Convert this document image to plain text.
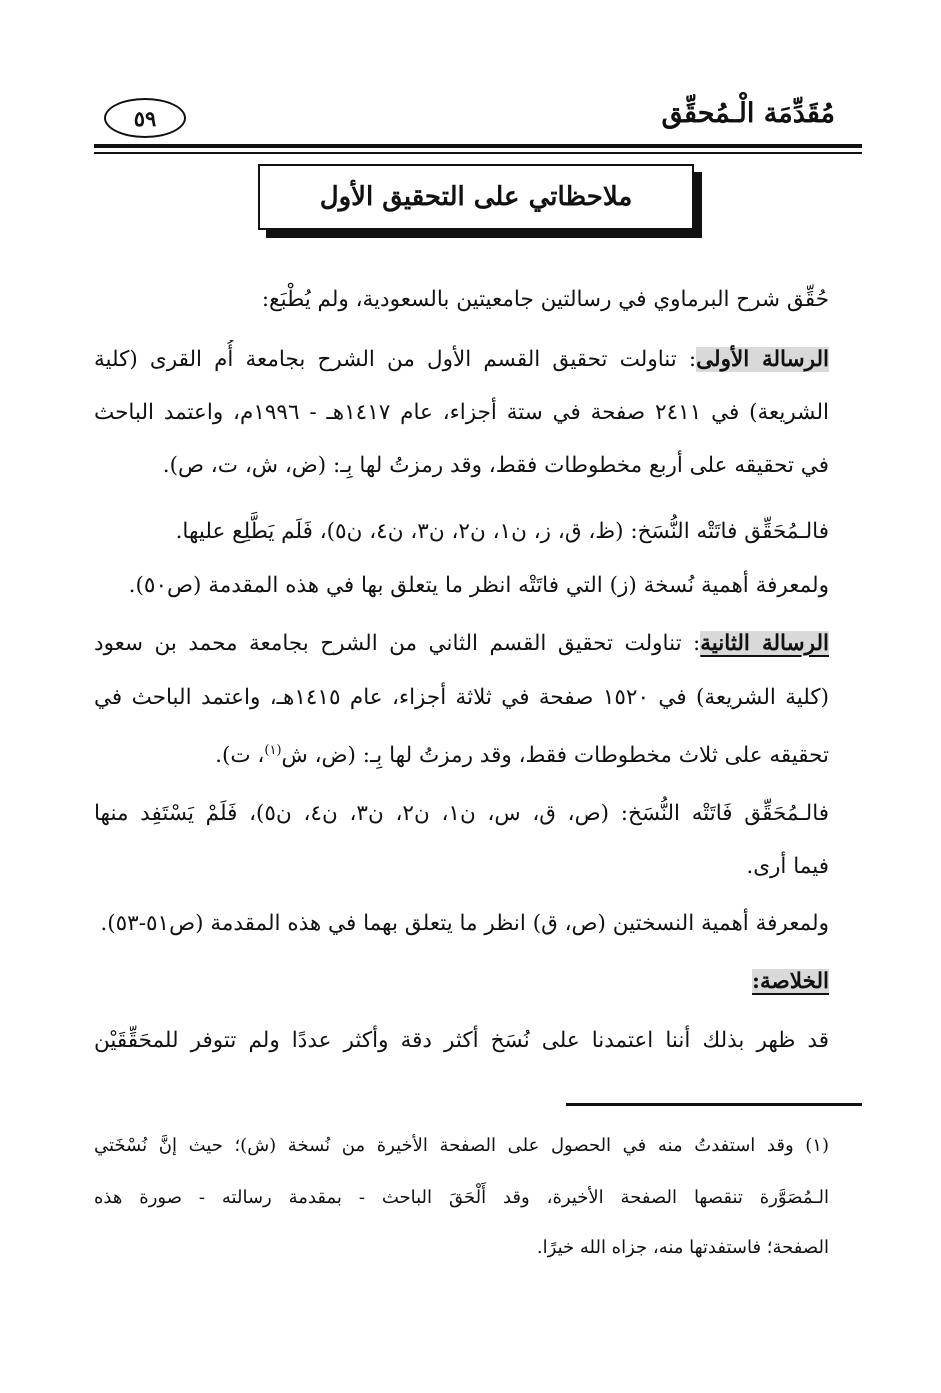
مُقَدِّمَة الْـمُحقِّق
٥٩
ملاحظاتي على التحقيق الأول
حُقِّق شرح البرماوي في رسالتين جامعيتين بالسعودية، ولم يُطْبَع:
الرسالة الأولى: تناولت تحقيق القسم الأول من الشرح بجامعة أُم القرى (كلية
الشريعة) في ٢٤١١ صفحة في ستة أجزاء، عام ١٤١٧هـ - ١٩٩٦م، واعتمد الباحث
في تحقيقه على أربع مخطوطات فقط، وقد رمزتُ لها بِـ: (ض، ش، ت، ص).
فالـمُحَقِّق فاتَتْه النُّسَخ: (ظ، ق، ز، ن١، ن٢، ن٣، ن٤، ن٥)، فَلَم يَطَّلِع عليها.
ولمعرفة أهمية نُسخة (ز) التي فاتَتْه انظر ما يتعلق بها في هذه المقدمة (ص٥٠).
الرسالة الثانية: تناولت تحقيق القسم الثاني من الشرح بجامعة محمد بن سعود
(كلية الشريعة) في ١٥٢٠ صفحة في ثلاثة أجزاء، عام ١٤١٥هـ، واعتمد الباحث في
تحقيقه على ثلاث مخطوطات فقط، وقد رمزتُ لها بِـ: (ض، ش$^{(١)}$، ت).
فالـمُحَقِّق فَاتَتْه النُّسَخ: (ص، ق، س، ن١، ن٢، ن٣، ن٤، ن٥)، فَلَمْ يَسْتَفِد منها
فيما أرى.
ولمعرفة أهمية النسختين (ص، ق) انظر ما يتعلق بهما في هذه المقدمة (ص٥١-٥٣).
الخلاصة:
قد ظهر بذلك أننا اعتمدنا على نُسَخ أكثر دقة وأكثر عددًا ولم تتوفر للمحَقِّقَيْن
(١) وقد استفدتُ منه في الحصول على الصفحة الأخيرة من نُسخة (ش)؛ حيث إنَّ نُسْخَتي
الـمُصَوَّرة تنقصها الصفحة الأخيرة، وقد أَلْحَقَ الباحث - بمقدمة رسالته - صورة هذه
الصفحة؛ فاستفدتها منه، جزاه الله خيرًا.
